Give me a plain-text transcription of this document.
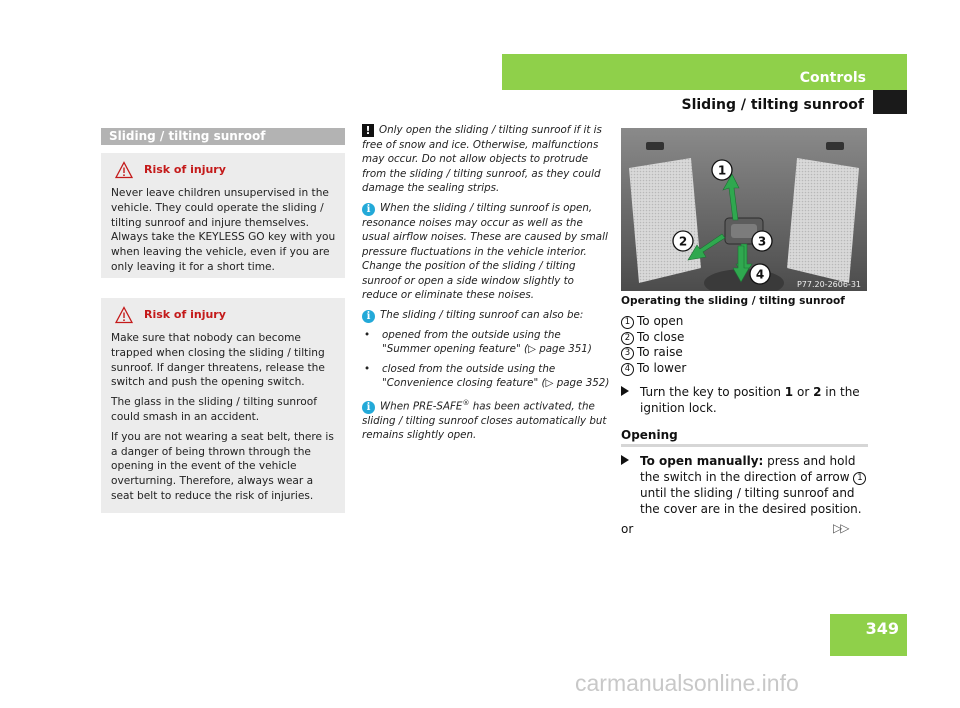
Controls
Sliding / tilting sunroof
Sliding / tilting sunroof
Risk of injury

Never leave children unsupervised in the vehicle. They could operate the sliding / tilting sunroof and injure themselves. Always take the KEYLESS GO key with you when leaving the vehicle, even if you are only leaving it for a short time.

Risk of injury

Make sure that nobody can become trapped when closing the sliding / tilting sunroof. If danger threatens, release the switch and push the opening switch.

The glass in the sliding / tilting sunroof could smash in an accident.

If you are not wearing a seat belt, there is a danger of being thrown through the opening in the event of the vehicle overturning. Therefore, always wear a seat belt to reduce the risk of injuries.

! Only open the sliding / tilting sunroof if it is free of snow and ice. Otherwise, malfunctions may occur. Do not allow objects to protrude from the sliding / tilting sunroof, as they could damage the sealing strips.

i When the sliding / tilting sunroof is open, resonance noises may occur as well as the usual airflow noises. These are caused by small pressure fluctuations in the vehicle interior. Change the position of the sliding / tilting sunroof or open a side window slightly to reduce or eliminate these noises.

i The sliding / tilting sunroof can also be:

• opened from the outside using the "Summer opening feature" (▷ page 351)

• closed from the outside using the "Convenience closing feature" (▷ page 352)

i When PRE-SAFE® has been activated, the sliding / tilting sunroof closes automatically but remains slightly open.

1
2	3
4
P77.20-2606-31
Operating the sliding / tilting sunroof
1 To open
2 To close
3 To raise
4 To lower
Turn the key to position 1 or 2 in the ignition lock.
Opening
To open manually: press and hold the switch in the direction of arrow 1 until the sliding / tilting sunroof and the cover are in the desired position.
or	▷▷
349
carmanualsonline.info
